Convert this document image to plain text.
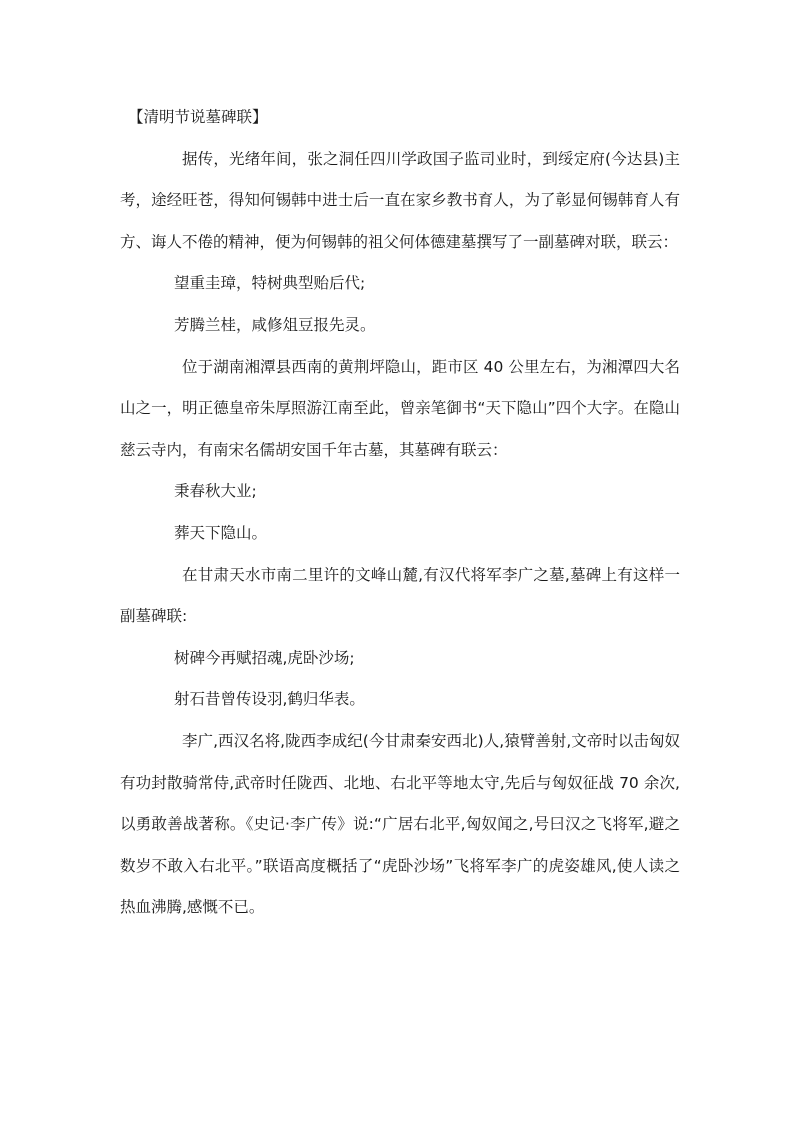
【清明节说墓碑联】

据传，光绪年间，张之洞任四川学政国子监司业时，到绥定府(今达县)主考，途经旺苍，得知何锡韩中进士后一直在家乡教书育人，为了彰显何锡韩育人有方、诲人不倦的精神，便为何锡韩的祖父何体德建墓撰写了一副墓碑对联，联云：

望重圭璋，特树典型贻后代;

芳腾兰桂，咸修俎豆报先灵。

位于湖南湘潭县西南的黄荆坪隐山，距市区 40 公里左右，为湘潭四大名山之一，明正德皇帝朱厚照游江南至此，曾亲笔御书“天下隐山”四个大字。在隐山慈云寺内，有南宋名儒胡安国千年古墓，其墓碑有联云：

秉春秋大业;

葬天下隐山。

在甘肃天水市南二里许的文峰山麓,有汉代将军李广之墓,墓碑上有这样一副墓碑联:

树碑今再赋招魂,虎卧沙场;

射石昔曾传设羽,鹤归华表。

李广,西汉名将,陇西李成纪(今甘肃秦安西北)人,猿臂善射,文帝时以击匈奴有功封散骑常侍,武帝时任陇西、北地、右北平等地太守,先后与匈奴征战 70 余次,以勇敢善战著称。《史记·李广传》说:“广居右北平,匈奴闻之,号曰汉之飞将军,避之数岁不敢入右北平。”联语高度概括了“虎卧沙场”飞将军李广的虎姿雄风,使人读之热血沸腾,感慨不已。
